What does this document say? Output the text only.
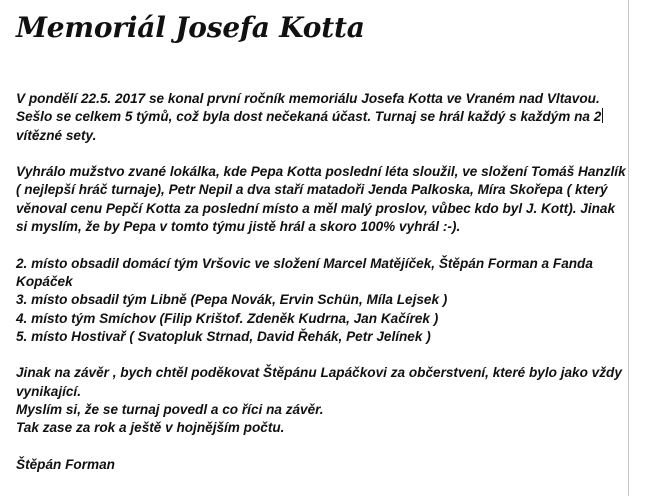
Memoriál Josefa Kotta
V pondělí 22.5. 2017 se konal první ročník memoriálu Josefa Kotta ve Vraném nad Vltavou.
Sešlo se celkem 5 týmů, což byla dost nečekaná účast. Turnaj se hrál každý s každým na 2
vítězné sety.
Vyhrálo mužstvo zvané lokálka, kde Pepa Kotta poslední léta sloužil, ve složení Tomáš Hanzlík
( nejlepší hráč turnaje), Petr Nepil a dva staří matadoři Jenda Palkoska, Míra Skořepa ( který
věnoval cenu Pepčí Kotta za poslední místo a měl malý proslov, vůbec kdo byl J. Kott). Jinak
si myslím, že by Pepa v tomto týmu jistě hrál a skoro 100% vyhrál :-).
2. místo obsadil domácí tým Vršovic ve složení Marcel Matějíček, Štěpán Forman a Fanda
Kopáček
3. místo obsadil tým Libně (Pepa Novák, Ervin Schün, Míla Lejsek )
4. místo tým Smíchov (Filip Krištof. Zdeněk Kudrna, Jan Kačírek )
5. místo Hostivař ( Svatopluk Strnad, David Řehák, Petr Jelínek )
Jinak na závěr , bych chtěl poděkovat Štěpánu Lapáčkovi za občerstvení, které bylo jako vždy
vynikající.
Myslím si, že se turnaj povedl a co říci na závěr.
Tak zase za rok a ještě v hojnějším počtu.
Štěpán Forman
